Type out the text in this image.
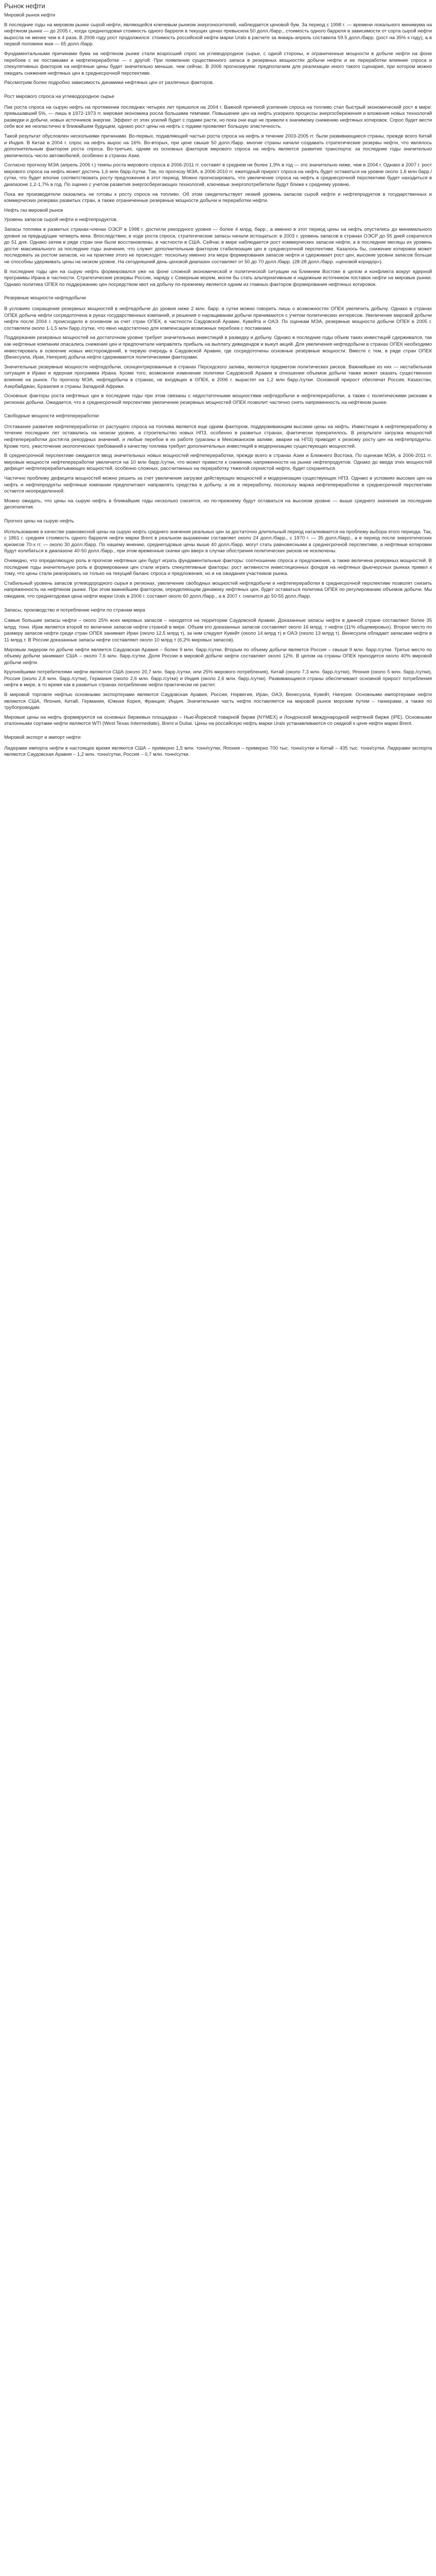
Рынок нефти
Мировой рынок нефти

В последние годы на мировом рынке сырой нефти, являющейся ключевым рынком энергоносителей, наблюдается ценовой бум. За период с 1998 г. — времени локального минимума на нефтяном рынке — до 2005 г., когда среднегодовая стоимость одного барреля в текущих ценах превысила 50 долл./барр., стоимость одного барреля в зависимости от сорта сырой нефти выросла не менее чем в 4 раза. В 2006 году рост продолжился: стоимость российской нефти марки Urals в расчете за январь-апрель составила 59.5 долл./барр. (рост на 35% к году), а в первой половине мая — 65 долл./барр.

Фундаментальными причинами бума на нефтяном рынке стали возросший спрос на углеводородное сырье, с одной стороны, и ограниченные мощности в добыче нефти на фоне перебоев с ее поставками и нефтепереработке — с другой. При появлении существенного запаса в резервных мощностях добычи нефти и ее переработки влияние спроса и спекулятивных факторов на нефтяные цены будет значительно меньше, чем сейчас. В 2006 прогнозируем: предполагаем для реализации иного такого сценария, при котором можно ожидать снижения нефтяных цен в среднесрочной перспективе.

Рассмотрим более подробно зависимость динамики нефтяных цен от различных факторов.

Рост мирового спроса на углеводородное сырье

Пик роста спроса на сырую нефть на протяжении последних четырех лет пришелся на 2004 г. Важной причиной усиления спроса на топливо стал быстрый экономический рост в мире: превышавший 5%, — лишь в 1972-1973 гг. мировая экономика росла большими темпами. Повышение цен на нефть ускорило процессы энергосбережения и вложения новых технологий разведки и добычи, новых источников энергии. Эффект от этих усилий будет с годами расти, но пока они еще не привели к значимому снижению нефтяных котировок. Спрос будет вести себя все же неэластично в ближайшем будущем, однако рост цены на нефть с годами проявляет большую эластичность.

Такой результат обусловлен несколькими причинами. Во-первых, подавляющей частью роста спроса на нефть в течение 2003-2005 гг. были развивающиеся страны, прежде всего Китай и Индия. В Китае в 2004 г. спрос на нефть вырос на 16%. Во-вторых, при цене свыше 50 долл./барр. многие страны начали создавать стратегические резервы нефти, что являлось дополнительным фактором роста спроса. Во-третьих, одним из основных факторов мирового спроса на нефть является развитие транспорта: за последние годы значительно увеличилось число автомобилей, особенно в странах Азии.

Согласно прогнозу МЭА (апрель 2006 г.) темпы роста мирового спроса в 2006-2011 гг. составят в среднем не более 1,9% в год — это значительно ниже, чем в 2004 г. Однако в 2007 г. рост мирового спроса на нефть может достичь 1,6 млн барр./сутки. Так, по прогнозу МЭА, в 2006-2010 гг. ежегодный прирост спроса на нефть будет оставаться на уровне около 1,6 млн барр./сутки, что будет вполне соответствовать росту предложения в этот период. Можно прогнозировать, что увеличение спроса на нефть в среднесрочной перспективе будет находиться в диапазоне 1,2-1,7% в год. По оценке с учетом развития энергосберегающих технологий, ключевые энергопотребители будут ближе к среднему уровню.

Пока же производители оказались не готовы к росту спроса на топливо. Об этом свидетельствует низкий уровень запасов сырой нефти и нефтепродуктов в государственных и коммерческих резервах развитых стран, а также ограниченные резервные мощности добычи и переработки нефти.

Нефть газ мировой рынок

Уровень запасов сырой нефти и нефтепродуктов.

Запасы топлива в развитых странах-членах ОЭСР в 1998 г. достигли рекордного уровня — более 4 млрд. барр., а именно в этот период цены на нефть опустились до минимального уровня за предыдущие четверть века. Впоследствии, в ходе роста спроса, стратегические запасы начали истощаться: в 2003 г. уровень запасов в странах ОЭСР до 55 дней сократился до 51 дня. Однако затем в ряде стран они были восстановлены, в частности в США. Сейчас в мире наблюдается рост коммерческих запасов нефти, а в последние месяцы их уровень достиг максимального за последние годы значения, что служит дополнительным фактором стабилизации цен в среднесрочной перспективе. Казалось бы, снижение котировок может последовать за ростом запасов, но на практике этого не происходит: поскольку именно эта мера формирования запасов нефти и сдерживает рост цен, высокие уровни запасов больше не способны удерживать цены на низком уровне. На сегодняшний день ценовой диапазон составляет от 50 до 70 долл./барр. (28-28 долл./барр. «ценовой коридор»).

В последние годы цен на сырую нефть формировался уже на фоне сложной экономической и политической ситуации на Ближнем Востоке в целом и конфликта вокруг ядерной программы Ирана в частности. Стратегические резервы России, наряду с Северным морем, могли бы стать альтернативным и надежным источником поставок нефти на мировые рынки. Однако политика ОПЕК по поддержанию цен посредством квот на добычу по-прежнему является одним из главных факторов формирования нефтяных котировок.

Резервные мощности нефтедобычи

В условиях сокращения резервных мощностей в нефтедобыче до уровня ниже 2 млн. барр. в сутки можно говорить лишь о возможностях ОПЕК увеличить добычу. Однако в странах ОПЕК добыча нефти сосредоточена в руках государственных компаний, и решения о наращивании добычи принимаются с учетом политических интересов. Увеличение мировой добычи нефти после 2004 г. происходило в основном за счет стран ОПЕК, в частности Саудовской Аравии, Кувейта и ОАЭ. По оценкам МЭА, резервные мощности добычи ОПЕК в 2005 г. составляли около 1-1,5 млн барр./сутки, что явно недостаточно для компенсации возможных перебоев с поставками.

Поддержание резервных мощностей на достаточном уровне требует значительных инвестиций в разведку и добычу. Однако в последние годы объем таких инвестиций сдерживался, так как нефтяные компании опасались снижения цен и предпочитали направлять прибыль на выплату дивидендов и выкуп акций. Для увеличения нефтедобычи в странах ОПЕК необходимо инвестировать в освоение новых месторождений, в первую очередь в Саудовской Аравии, где сосредоточены основные резервные мощности. Вместе с тем, в ряде стран ОПЕК (Венесуэла, Ирак, Нигерия) добыча нефти сдерживается политическими факторами.

Значительные резервные мощности нефтедобычи, сконцентрированные в странах Персидского залива, являются предметом политических рисков. Важнейшие из них — нестабильная ситуация в Ираке и ядерная программа Ирана. Кроме того, возможное изменение политики Саудовской Аравии в отношении объемов добычи также может оказать существенное влияние на рынок. По прогнозу МЭА, нефтедобыча в странах, не входящих в ОПЕК, в 2006 г. вырастет на 1,2 млн барр./сутки. Основной прирост обеспечат Россия, Казахстан, Азербайджан, Бразилия и страны Западной Африки.

Основные факторы роста нефтяных цен в последние годы при этом связаны с недостаточными мощностями нефтедобычи и нефтепереработки, а также с политическими рисками в регионах добычи. Ожидается, что в среднесрочной перспективе увеличение резервных мощностей ОПЕК позволит частично снять напряженность на нефтяном рынке.

Свободные мощности нефтепереработки

Отставание развития нефтепереработки от растущего спроса на топлива является еще одним фактором, поддерживающим высокие цены на нефть. Инвестиции в нефтепереработку в течение последних лет оставались на низком уровне, а строительство новых НПЗ, особенно в развитых странах, фактически прекратилось. В результате загрузка мощностей нефтепереработки достигла рекордных значений, и любые перебои в их работе (ураганы в Мексиканском заливе, аварии на НПЗ) приводят к резкому росту цен на нефтепродукты. Кроме того, ужесточение экологических требований к качеству топлива требует дополнительных инвестиций в модернизацию существующих мощностей.

В среднесрочной перспективе ожидается ввод значительных новых мощностей нефтепереработки, прежде всего в странах Азии и Ближнего Востока. По оценкам МЭА, в 2006-2011 гг. мировые мощности нефтепереработки увеличатся на 10 млн барр./сутки, что может привести к снижению напряженности на рынке нефтепродуктов. Однако до ввода этих мощностей дефицит нефтеперерабатывающих мощностей, особенно сложных, рассчитанных на переработку тяжелой сернистой нефти, будет сохраняться.

Частично проблему дефицита мощностей можно решить за счет увеличения загрузки действующих мощностей и модернизации существующих НПЗ. Однако в условиях высоких цен на нефть и нефтепродукты нефтяные компании предпочитают направлять средства в добычу, а не в переработку, поскольку маржа нефтепереработки в среднесрочной перспективе остается неопределенной.

Можно ожидать, что цены на сырую нефть в ближайшие годы несколько снизятся, но по-прежнему будут оставаться на высоком уровне — выше среднего значения за последние десятилетия.

Прогноз цены на сырую нефть

Использование в качестве равновесной цены на сырую нефть среднего значения реальных цен за достаточно длительный период наталкивается на проблему выбора этого периода. Так, с 1861 г. средняя стоимость одного барреля нефти марки Brent в реальном выражении составляет около 24 долл./барр., с 1970 г. — 35 долл./барр., а в период после энергетических кризисов 70-х гг. — около 30 долл./барр. По нашему мнению, среднегодовые цены выше 40 долл./барр. могут стать равновесными в среднесрочной перспективе, а нефтяные котировки будут колебаться в диапазоне 40-50 долл./барр., при этом временные скачки цен вверх в случае обострения политических рисков не исключены.

Очевидно, что определяющую роль в прогнозе нефтяных цен будут играть фундаментальные факторы: соотношение спроса и предложения, а также величина резервных мощностей. В последние годы значительную роль в формировании цен стали играть спекулятивные факторы: рост активности инвестиционных фондов на нефтяных фьючерсных рынках привел к тому, что цены стали реагировать не только на текущий баланс спроса и предложения, но и на ожидания участников рынка.

Стабильный уровень запасов углеводородного сырья в регионах, увеличение свободных мощностей нефтедобычи и нефтепереработки в среднесрочной перспективе позволят снизить напряженность на нефтяном рынке. При этом важнейшим фактором, определяющим динамику нефтяных цен, будет оставаться политика ОПЕК по регулированию объемов добычи. Мы ожидаем, что среднегодовая цена нефти марки Urals в 2006 г. составит около 60 долл./барр., а в 2007 г. снизится до 50-55 долл./барр.

Запасы, производство и потребление нефти по странам мира

Самые большие запасы нефти – около 25% всех мировых запасов – находятся на территории Саудовской Аравии. Доказанные запасы нефти в данной стране составляют более 35 млрд. тонн. Ирак является второй по величине запасов нефти страной в мире. Объем его доказанных запасов составляет около 16 млрд. т нефти (11% общемировых). Второе место по размеру запасов нефти среди стран ОПЕК занимает Иран (около 12,5 млрд т), за ним следуют Кувейт (около 14 млрд т) и ОАЭ (около 13 млрд т). Венесуэла обладает запасами нефти в 11 млрд т. В России доказанные запасы нефти составляют около 10 млрд т (6,2% мировых запасов).

Мировым лидером по добыче нефти является Саудовская Аравия – более 9 млн. барр./сутки. Вторым по объему добычи является Россия – свыше 9 млн. барр./сутки. Третье место по объему добычи занимают США – около 7,6 млн. барр./сутки. Доля России в мировой добыче нефти составляет около 12%. В целом на страны ОПЕК приходится около 40% мировой добычи нефти.

Крупнейшими потребителями нефти являются США (около 20,7 млн. барр./сутки, или 25% мирового потребления), Китай (около 7,3 млн. барр./сутки), Япония (около 5 млн. барр./сутки), Россия (около 2,8 млн. барр./сутки), Германия (около 2,6 млн. барр./сутки) и Индия (около 2,6 млн. барр./сутки). Развивающиеся страны обеспечивают основной прирост потребления нефти в мире, в то время как в развитых странах потребление нефти практически не растет.

В мировой торговле нефтью основными экспортерами являются Саудовская Аравия, Россия, Норвегия, Иран, ОАЭ, Венесуэла, Кувейт, Нигерия. Основными импортерами нефти являются США, Япония, Китай, Германия, Южная Корея, Франция, Индия. Значительная часть нефти поставляется на мировой рынок морским путем – танкерами, а также по трубопроводам.

Мировые цены на нефть формируются на основных биржевых площадках – Нью-Йоркской товарной бирже (NYMEX) и Лондонской международной нефтяной бирже (IPE). Основными эталонными сортами нефти являются WTI (West Texas Intermediate), Brent и Dubai. Цены на российскую нефть марки Urals устанавливаются со скидкой к цене нефти марки Brent.

Мировой экспорт и импорт нефти

Лидерами импорта нефти в настоящее время являются США – примерно 1,5 млн. тонн/сутки, Япония – примерно 700 тыс. тонн/сутки и Китай – 435 тыс. тонн/сутки. Лидерами экспорта являются Саудовская Аравия – 1,2 млн. тонн/сутки, Россия – 0,7 млн. тонн/сутки.
